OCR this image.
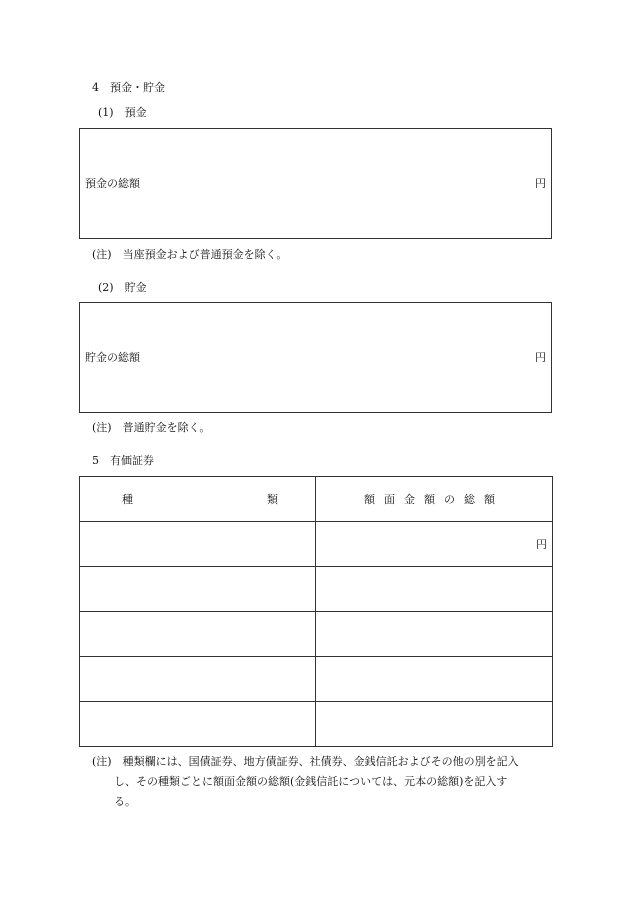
4　預金・貯金
(1)　預金
預金の総額	円
(注)　当座預金および普通預金を除く。
(2)　貯金
貯金の総額	円
(注)　普通貯金を除く。
5　有価証券
種 類	額面金額の総額
	円

(注)　種類欄には、国債証券、地方債証券、社債券、金銭信託およびその他の別を記入
し、その種類ごとに額面金額の総額(金銭信託については、元本の総額)を記入す
る。
